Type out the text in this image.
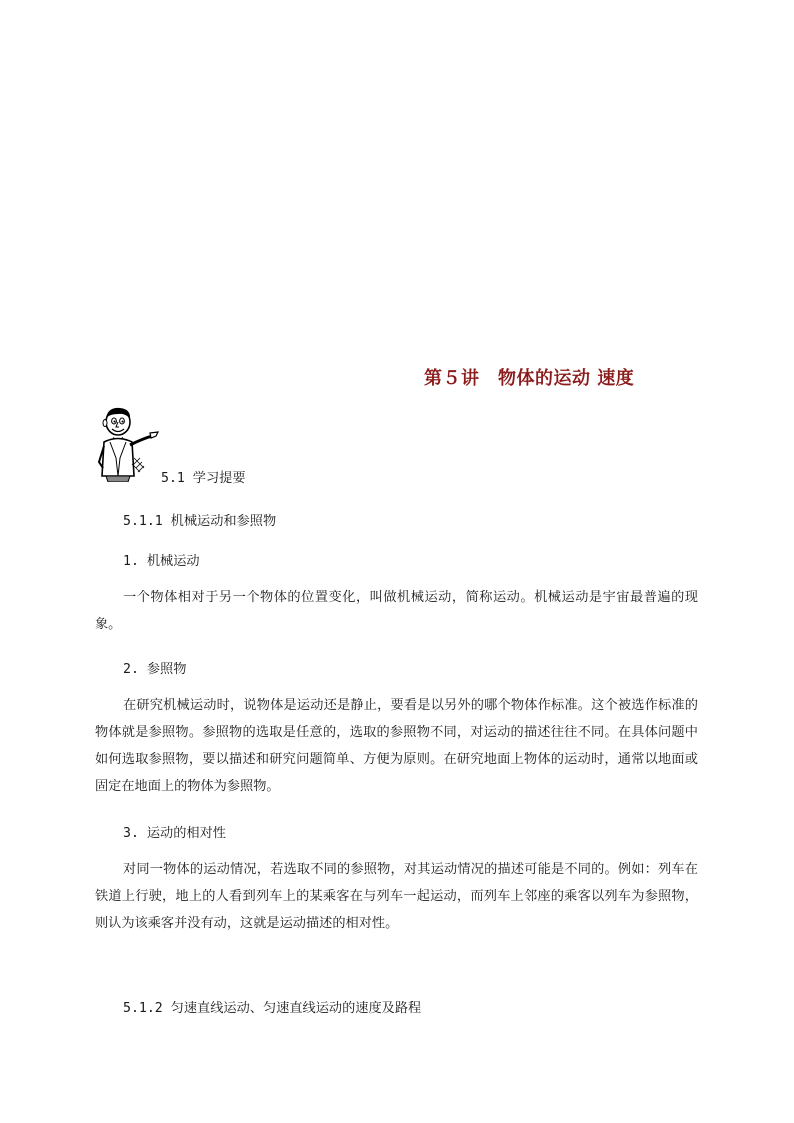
第５讲　物体的运动 速度
5.1 学习提要
5.1.1 机械运动和参照物
1. 机械运动
一个物体相对于另一个物体的位置变化，叫做机械运动，简称运动。机械运动是宇宙最普遍的现象。
2. 参照物
在研究机械运动时，说物体是运动还是静止，要看是以另外的哪个物体作标准。这个被选作标准的物体就是参照物。参照物的选取是任意的，选取的参照物不同，对运动的描述往往不同。在具体问题中如何选取参照物，要以描述和研究问题简单、方便为原则。在研究地面上物体的运动时，通常以地面或固定在地面上的物体为参照物。
3. 运动的相对性
对同一物体的运动情况，若选取不同的参照物，对其运动情况的描述可能是不同的。例如：列车在铁道上行驶，地上的人看到列车上的某乘客在与列车一起运动，而列车上邻座的乘客以列车为参照物，则认为该乘客并没有动，这就是运动描述的相对性。
5.1.2 匀速直线运动、匀速直线运动的速度及路程
